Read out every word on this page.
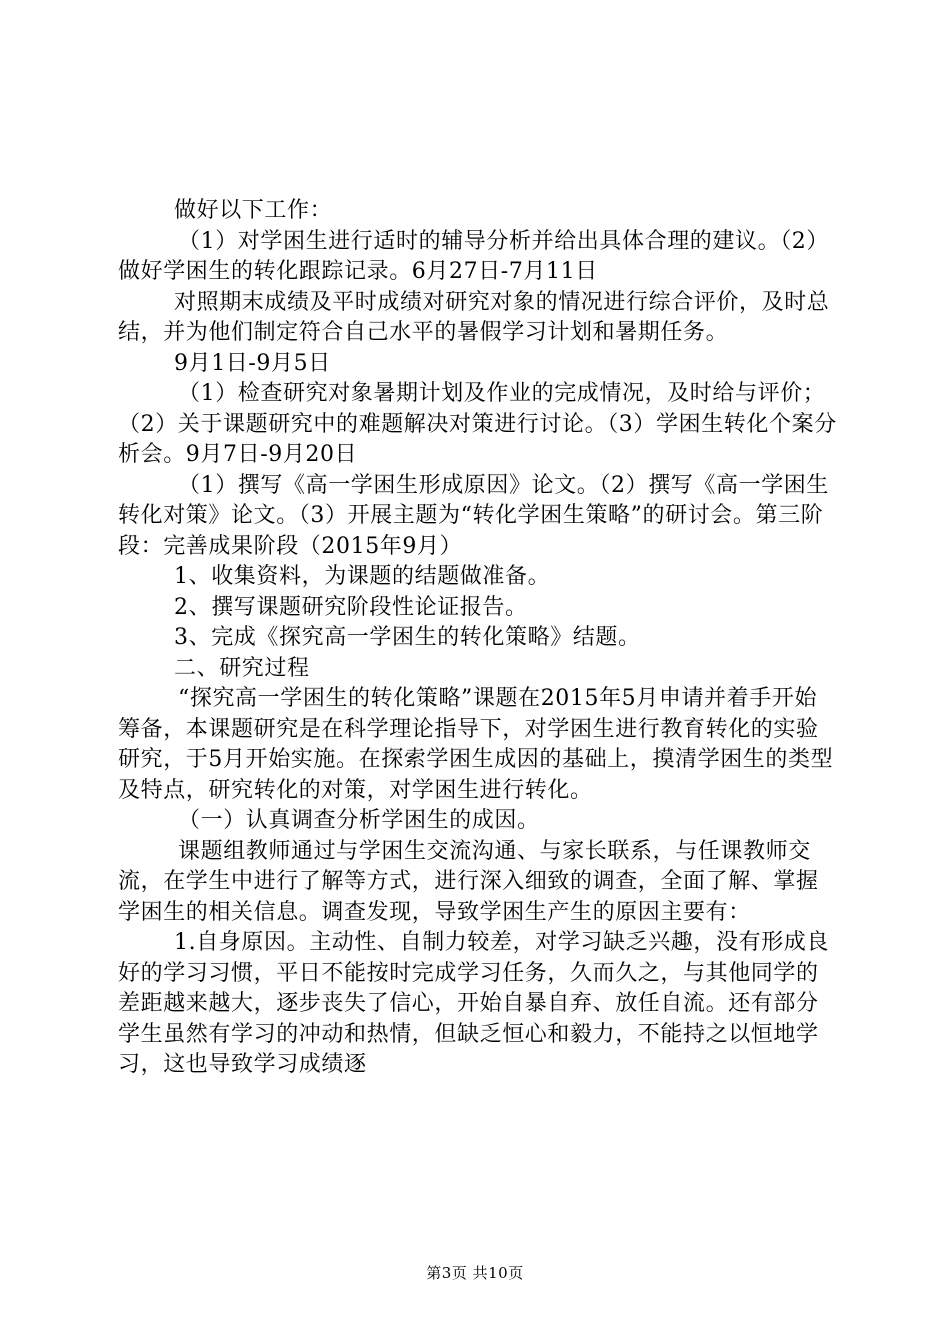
做好以下工作：

（1）对学困生进行适时的辅导分析并给出具体合理的建议。（2）做好学困生的转化跟踪记录。6月27日-7月11日

对照期末成绩及平时成绩对研究对象的情况进行综合评价，及时总结，并为他们制定符合自己水平的暑假学习计划和暑期任务。

9月1日-9月5日

（1）检查研究对象暑期计划及作业的完成情况，及时给与评价；（2）关于课题研究中的难题解决对策进行讨论。（3）学困生转化个案分析会。9月7日-9月20日

（1）撰写《高一学困生形成原因》论文。（2）撰写《高一学困生转化对策》论文。（3）开展主题为“转化学困生策略”的研讨会。第三阶段：完善成果阶段（2015年9月）

1、收集资料，为课题的结题做准备。

2、撰写课题研究阶段性论证报告。

3、完成《探究高一学困生的转化策略》结题。

二、研究过程

“探究高一学困生的转化策略”课题在2015年5月申请并着手开始筹备，本课题研究是在科学理论指导下，对学困生进行教育转化的实验研究，于5月开始实施。在探索学困生成因的基础上，摸清学困生的类型及特点，研究转化的对策，对学困生进行转化。

（一）认真调查分析学困生的成因。

课题组教师通过与学困生交流沟通、与家长联系，与任课教师交流，在学生中进行了解等方式，进行深入细致的调查，全面了解、掌握学困生的相关信息。调查发现，导致学困生产生的原因主要有：

1.自身原因。主动性、自制力较差，对学习缺乏兴趣，没有形成良好的学习习惯，平日不能按时完成学习任务，久而久之，与其他同学的差距越来越大，逐步丧失了信心，开始自暴自弃、放任自流。还有部分学生虽然有学习的冲动和热情，但缺乏恒心和毅力，不能持之以恒地学习，这也导致学习成绩逐

第3页 共10页
